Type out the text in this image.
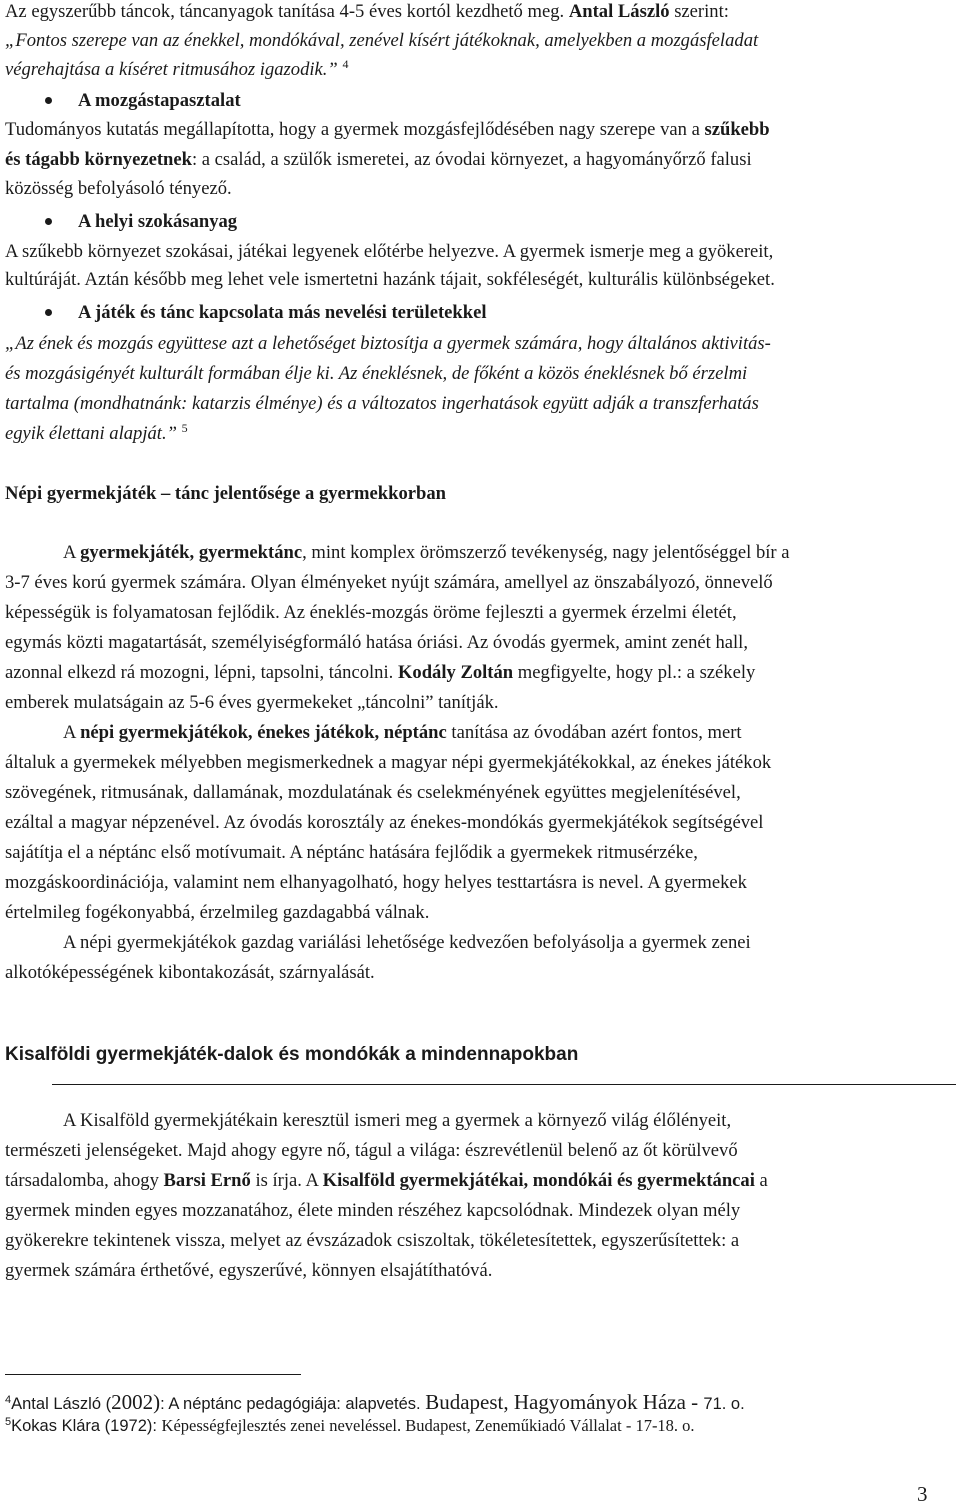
Az egyszerűbb táncok, táncanyagok tanítása 4-5 éves kortól kezdhető meg. Antal László szerint:
„Fontos szerepe van az énekkel, mondókával, zenével kísért játékoknak, amelyekben a mozgásfeladat
végrehajtása a kíséret ritmusához igazodik.” $^4$
A mozgástapasztalat
Tudományos kutatás megállapította, hogy a gyermek mozgásfejlődésében nagy szerepe van a szűkebb
és tágabb környezetnek: a család, a szülők ismeretei, az óvodai környezet, a hagyományőrző falusi
közösség befolyásoló tényező.
A helyi szokásanyag
A szűkebb környezet szokásai, játékai legyenek előtérbe helyezve. A gyermek ismerje meg a gyökereit,
kultúráját. Aztán később meg lehet vele ismertetni hazánk tájait, sokféleségét, kulturális különbségeket.
A játék és tánc kapcsolata más nevelési területekkel
„Az ének és mozgás együttese azt a lehetőséget biztosítja a gyermek számára, hogy általános aktivitás-
és mozgásigényét kulturált formában élje ki. Az éneklésnek, de főként a közös éneklésnek bő érzelmi
tartalma (mondhatnánk: katarzis élménye) és a változatos ingerhatások együtt adják a transzferhatás
egyik élettani alapját.” $^5$
Népi gyermekjáték – tánc jelentősége a gyermekkorban
A gyermekjáték, gyermektánc, mint komplex örömszerző tevékenység, nagy jelentőséggel bír a
3-7 éves korú gyermek számára. Olyan élményeket nyújt számára, amellyel az önszabályozó, önnevelő
képességük is folyamatosan fejlődik. Az éneklés-mozgás öröme fejleszti a gyermek érzelmi életét,
egymás közti magatartását, személyiségformáló hatása óriási. Az óvodás gyermek, amint zenét hall,
azonnal elkezd rá mozogni, lépni, tapsolni, táncolni. Kodály Zoltán megfigyelte, hogy pl.: a székely
emberek mulatságain az 5-6 éves gyermekeket „táncolni” tanítják.
A népi gyermekjátékok, énekes játékok, néptánc tanítása az óvodában azért fontos, mert
általuk a gyermekek mélyebben megismerkednek a magyar népi gyermekjátékokkal, az énekes játékok
szövegének, ritmusának, dallamának, mozdulatának és cselekményének együttes megjelenítésével,
ezáltal a magyar népzenével. Az óvodás korosztály az énekes-mondókás gyermekjátékok segítségével
sajátítja el a néptánc első motívumait. A néptánc hatására fejlődik a gyermekek ritmusérzéke,
mozgáskoordinációja, valamint nem elhanyagolható, hogy helyes testtartásra is nevel. A gyermekek
értelmileg fogékonyabbá, érzelmileg gazdagabbá válnak.
A népi gyermekjátékok gazdag variálási lehetősége kedvezően befolyásolja a gyermek zenei
alkotóképességének kibontakozását, szárnyalását.
Kisalföldi gyermekjáték-dalok és mondókák a mindennapokban
A Kisalföld gyermekjátékain keresztül ismeri meg a gyermek a környező világ élőlényeit,
természeti jelenségeket. Majd ahogy egyre nő, tágul a világa: észrevétlenül belenő az őt körülvevő
társadalomba, ahogy Barsi Ernő is írja. A Kisalföld gyermekjátékai, mondókái és gyermektáncai a
gyermek minden egyes mozzanatához, élete minden részéhez kapcsolódnak. Mindezek olyan mély
gyökerekre tekintenek vissza, melyet az évszázadok csiszoltak, tökéletesítettek, egyszerűsítettek: a
gyermek számára érthetővé, egyszerűvé, könnyen elsajátíthatóvá.
$^4$Antal László (2002): A néptánc pedagógiája: alapvetés. Budapest, Hagyományok Háza - 71. o.
$^5$Kokas Klára (1972): Képességfejlesztés zenei neveléssel. Budapest, Zeneműkiadó Vállalat - 17-18. o.
3
